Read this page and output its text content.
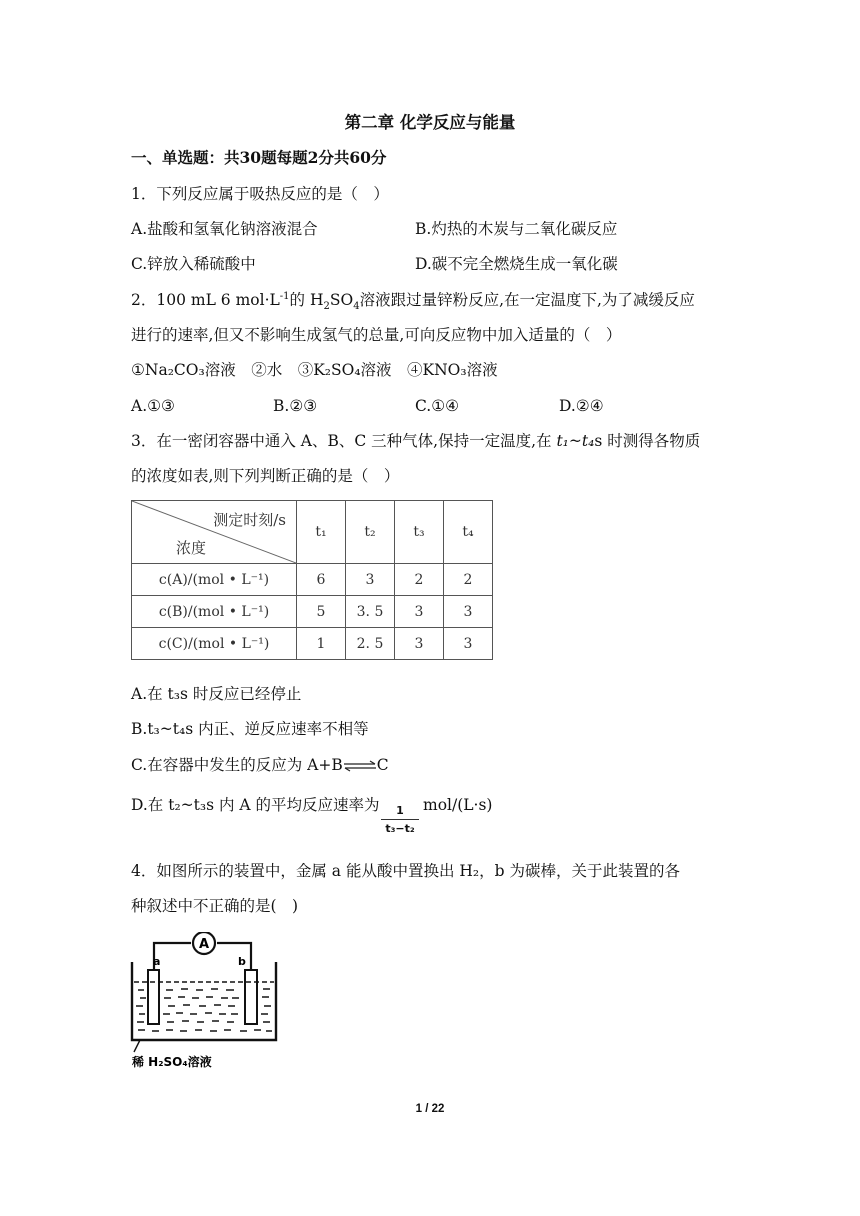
第二章 化学反应与能量
一、单选题：共30题每题2分共60分
1．下列反应属于吸热反应的是（　）
A.盐酸和氢氧化钠溶液混合	B.灼热的木炭与二氧化碳反应
C.锌放入稀硫酸中	D.碳不完全燃烧生成一氧化碳
2．100 mL 6 $mol\cdot L^{-1}$的 $H_2SO_4$溶液跟过量锌粉反应,在一定温度下,为了减缓反应
进行的速率,但又不影响生成氢气的总量,可向反应物中加入适量的（　）
①Na₂CO₃溶液　②水　③K₂SO₄溶液　④KNO₃溶液
A.①③	B.②③	C.①④	D.②④
3．在一密闭容器中通入 A、B、C 三种气体,保持一定温度,在 t₁~t₄s 时测得各物质
的浓度如表,则下列判断正确的是（　）
测定时刻/s
浓度	t₁	t₂	t₃	t₄
c(A)/(mol • L⁻¹)	6	3	2	2
c(B)/(mol • L⁻¹)	5	3. 5	3	3
c(C)/(mol • L⁻¹)	1	2. 5	3	3
A.在 t₃s 时反应已经停止
B.t₃~t₄s 内正、逆反应速率不相等
C.在容器中发生的反应为 A+B⇌C
D.在 t₂~t₃s 内 A 的平均反应速率为 $\frac{1}{\text{t₃−t₂}} mol/(L\cdot s)$
4．如图所示的装置中，金属 a 能从酸中置换出 H₂，b 为碳棒，关于此装置的各
种叙述中不正确的是(　)
A
a	b
稀 H₂SO₄溶液
1 / 22
